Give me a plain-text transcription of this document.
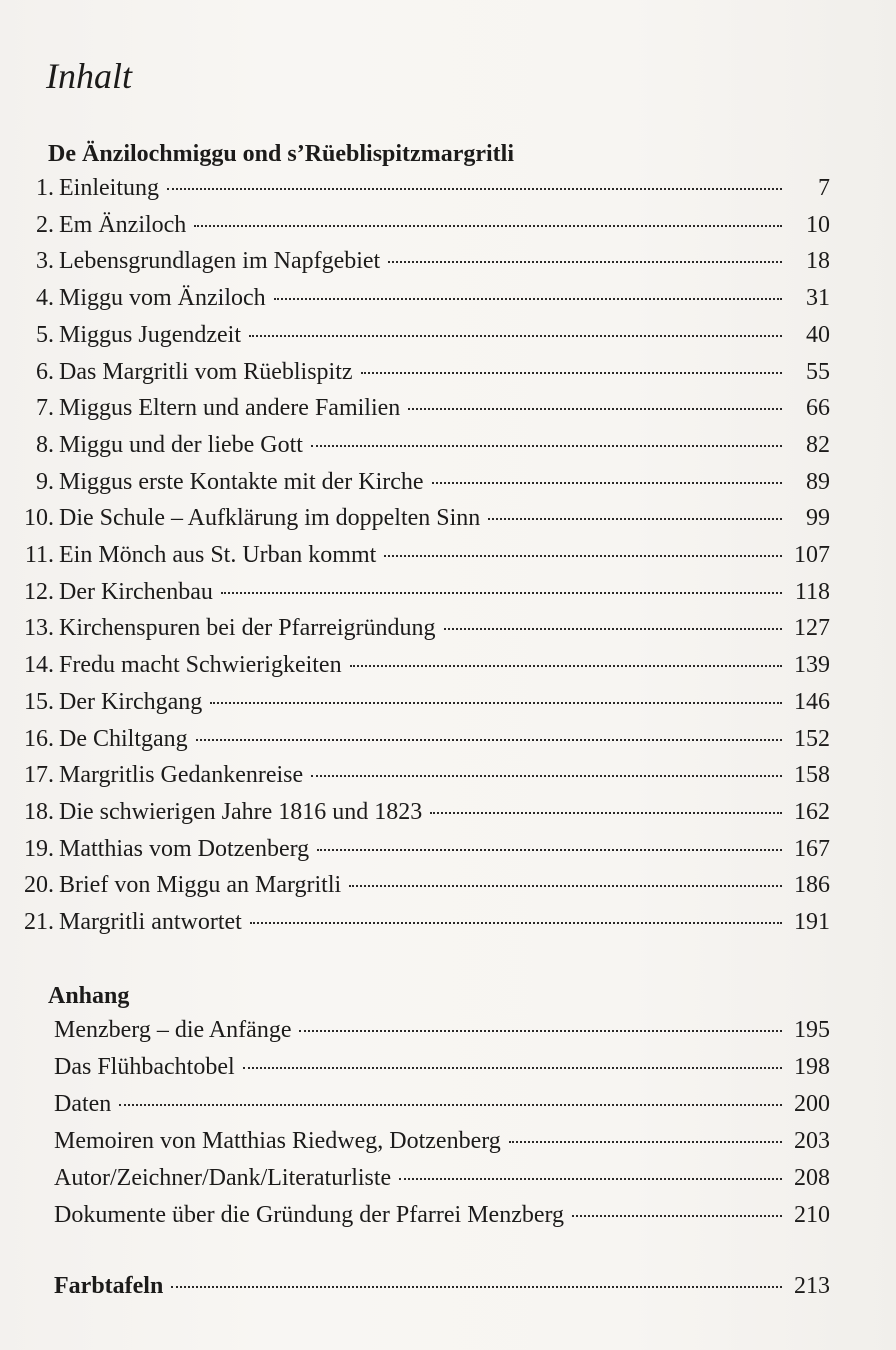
Inhalt
De Änzilochmiggu ond s’Rüeblispitzmargritli
1. Einleitung	7
2. Em Änziloch	10
3. Lebensgrundlagen im Napfgebiet	18
4. Miggu vom Änziloch	31
5. Miggus Jugendzeit	40
6. Das Margritli vom Rüeblispitz	55
7. Miggus Eltern und andere Familien	66
8. Miggu und der liebe Gott	82
9. Miggus erste Kontakte mit der Kirche	89
10. Die Schule – Aufklärung im doppelten Sinn	99
11. Ein Mönch aus St. Urban kommt	107
12. Der Kirchenbau	118
13. Kirchenspuren bei der Pfarreigründung	127
14. Fredu macht Schwierigkeiten	139
15. Der Kirchgang	146
16. De Chiltgang	152
17. Margritlis Gedankenreise	158
18. Die schwierigen Jahre 1816 und 1823	162
19. Matthias vom Dotzenberg	167
20. Brief von Miggu an Margritli	186
21. Margritli antwortet	191
Anhang
Menzberg – die Anfänge	195
Das Flühbachtobel	198
Daten	200
Memoiren von Matthias Riedweg, Dotzenberg	203
Autor/Zeichner/Dank/Literaturliste	208
Dokumente über die Gründung der Pfarrei Menzberg	210
Farbtafeln	213
